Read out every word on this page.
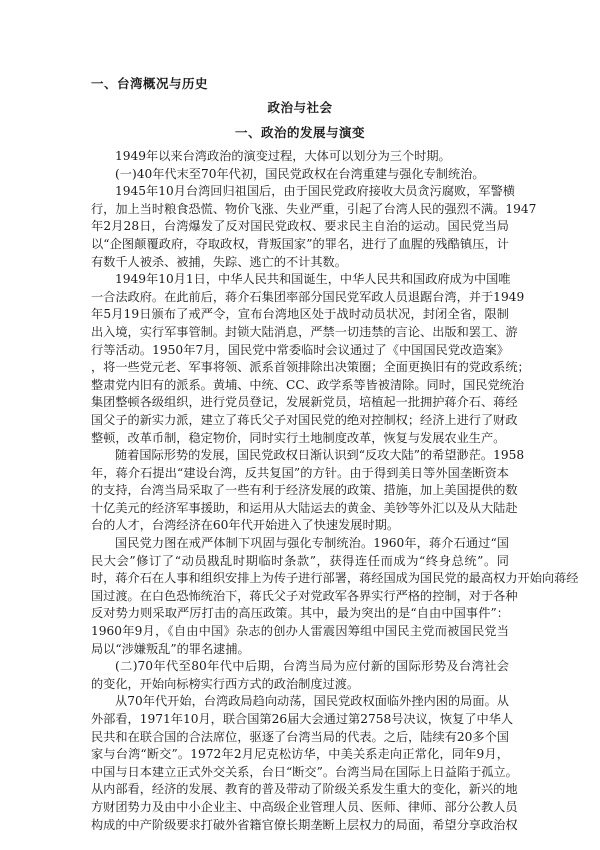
一、台湾概况与历史
政治与社会
一、政治的发展与演变
1949年以来台湾政治的演变过程，大体可以划分为三个时期。
(一)40年代末至70年代初，国民党政权在台湾重建与强化专制统治。
1945年10月台湾回归祖国后，由于国民党政府接收大员贪污腐败，军警横
行，加上当时粮食恐慌、物价飞涨、失业严重，引起了台湾人民的强烈不满。1947
年2月28日，台湾爆发了反对国民党政权、要求民主自治的运动。国民党当局
以“企图颠覆政府，夺取政权，背叛国家”的罪名，进行了血腥的残酷镇压，计
有数千人被杀、被捕，失踪、逃亡的不计其数。
1949年10月1日，中华人民共和国诞生，中华人民共和国政府成为中国唯
一合法政府。在此前后，蒋介石集团率部分国民党军政人员退踞台湾，并于1949
年5月19日颁布了戒严令，宣布台湾地区处于战时动员状况，封闭全省，限制
出入境，实行军事管制。封锁大陆消息，严禁一切违禁的言论、出版和罢工、游
行等活动。1950年7月，国民党中常委临时会议通过了《中国国民党改造案》
，将一些党元老、军事将领、派系首领排除出决策圈；全面更换旧有的党政系统；
整肃党内旧有的派系。黄埔、中统、CC、政学系等皆被清除。同时，国民党统治
集团整顿各级组织，进行党员登记，发展新党员，培植起一批拥护蒋介石、蒋经
国父子的新实力派，建立了蒋氏父子对国民党的绝对控制权；经济上进行了财政
整顿，改革币制，稳定物价，同时实行土地制度改革，恢复与发展农业生产。
随着国际形势的发展，国民党政权日渐认识到“反攻大陆”的希望渺茫。1958
年，蒋介石提出“建设台湾，反共复国”的方针。由于得到美日等外国垄断资本
的支持，台湾当局采取了一些有利于经济发展的政策、措施，加上美国提供的数
十亿美元的经济军事援助，和运用从大陆运去的黄金、美钞等外汇以及从大陆赴
台的人才，台湾经济在60年代开始进入了快速发展时期。
国民党力图在戒严体制下巩固与强化专制统治。1960年，蒋介石通过“国
民大会”修订了“动员戡乱时期临时条款”，获得连任而成为“终身总统”。同
时，蒋介石在人事和组织安排上为传子进行部署，蒋经国成为国民党的最高权力开始向蒋经
国过渡。在白色恐怖统治下，蒋氏父子对党政军各界实行严格的控制，对于各种
反对势力则采取严厉打击的高压政策。其中，最为突出的是“自由中国事件”：
1960年9月，《自由中国》杂志的创办人雷震因筹组中国民主党而被国民党当
局以“涉嫌叛乱”的罪名逮捕。
(二)70年代至80年代中后期，台湾当局为应付新的国际形势及台湾社会
的变化，开始向标榜实行西方式的政治制度过渡。
从70年代开始，台湾政局趋向动荡，国民党政权面临外挫内困的局面。从
外部看，1971年10月，联合国第26届大会通过第2758号决议，恢复了中华人
民共和在联合国的合法席位，驱逐了台湾当局的代表。之后，陆续有20多个国
家与台湾“断交”。1972年2月尼克松访华，中美关系走向正常化，同年9月，
中国与日本建立正式外交关系，台日“断交”。台湾当局在国际上日益陷于孤立。
从内部看，经济的发展、教育的普及带动了阶级关系发生重大的变化，新兴的地
方财团势力及由中小企业主、中高级企业管理人员、医师、律师、部分公教人员
构成的中产阶级要求打破外省籍官僚长期垄断上层权力的局面，希望分享政治权
